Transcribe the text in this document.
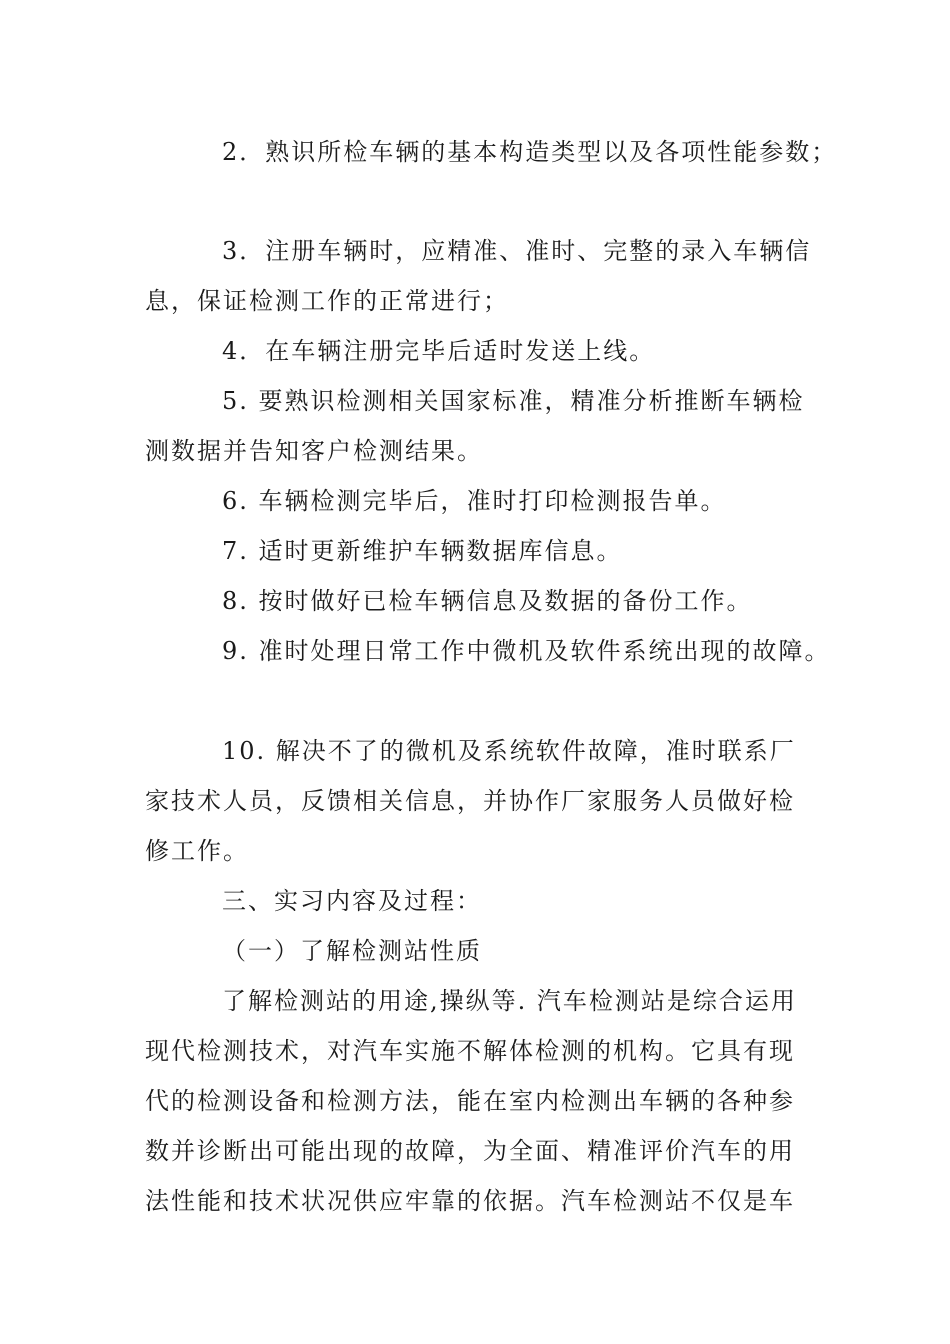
2．熟识所检车辆的基本构造类型以及各项性能参数；
3．注册车辆时，应精准、准时、完整的录入车辆信
息，保证检测工作的正常进行；
4．在车辆注册完毕后适时发送上线。
5. 要熟识检测相关国家标准，精准分析推断车辆检
测数据并告知客户检测结果。
6. 车辆检测完毕后，准时打印检测报告单。
7. 适时更新维护车辆数据库信息。
8. 按时做好已检车辆信息及数据的备份工作。
9. 准时处理日常工作中微机及软件系统出现的故障。
10. 解决不了的微机及系统软件故障，准时联系厂
家技术人员，反馈相关信息，并协作厂家服务人员做好检
修工作。
三、实习内容及过程：
（一）了解检测站性质
了解检测站的用途,操纵等. 汽车检测站是综合运用
现代检测技术，对汽车实施不解体检测的机构。它具有现
代的检测设备和检测方法，能在室内检测出车辆的各种参
数并诊断出可能出现的故障，为全面、精准评价汽车的用
法性能和技术状况供应牢靠的依据。汽车检测站不仅是车
